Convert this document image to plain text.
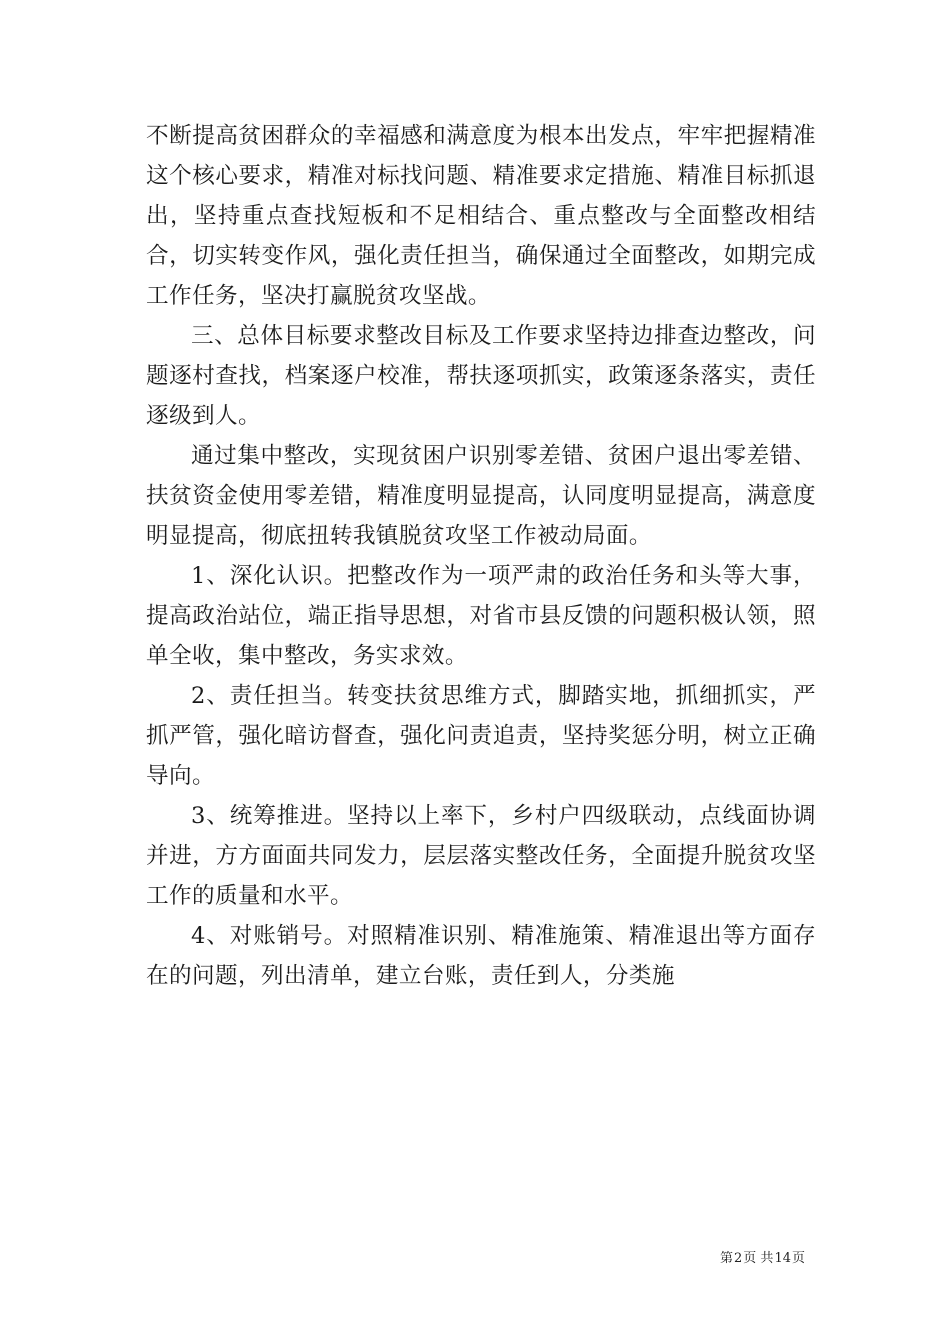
不断提高贫困群众的幸福感和满意度为根本出发点，牢牢把握精准这个核心要求，精准对标找问题、精准要求定措施、精准目标抓退出，坚持重点查找短板和不足相结合、重点整改与全面整改相结合，切实转变作风，强化责任担当，确保通过全面整改，如期完成工作任务，坚决打赢脱贫攻坚战。

三、总体目标要求整改目标及工作要求坚持边排查边整改，问题逐村查找，档案逐户校准，帮扶逐项抓实，政策逐条落实，责任逐级到人。

通过集中整改，实现贫困户识别零差错、贫困户退出零差错、扶贫资金使用零差错，精准度明显提高，认同度明显提高，满意度明显提高，彻底扭转我镇脱贫攻坚工作被动局面。

1、深化认识。把整改作为一项严肃的政治任务和头等大事，提高政治站位，端正指导思想，对省市县反馈的问题积极认领，照单全收，集中整改，务实求效。

2、责任担当。转变扶贫思维方式，脚踏实地，抓细抓实，严抓严管，强化暗访督查，强化问责追责，坚持奖惩分明，树立正确导向。

3、统筹推进。坚持以上率下，乡村户四级联动，点线面协调并进，方方面面共同发力，层层落实整改任务，全面提升脱贫攻坚工作的质量和水平。

4、对账销号。对照精准识别、精准施策、精准退出等方面存在的问题，列出清单，建立台账，责任到人，分类施

第2页 共14页
